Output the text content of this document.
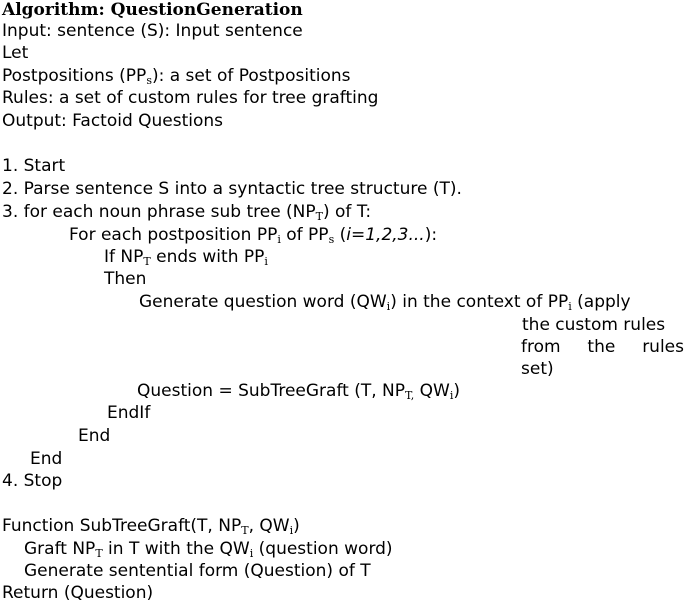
Algorithm: QuestionGeneration
Input: sentence (S): Input sentence
Let
Postpositions $(PP_s)$: a set of Postpositions
Rules: a set of custom rules for tree grafting
Output: Factoid Questions
1. Start
2. Parse sentence S into a syntactic tree structure (T).
3. for each noun phrase sub tree $(NP_T)$ of T:
For each postposition $PP_i$ of $PP_s$ (i=1,2,3...):
If $NP_T$ ends with $PP_i$
Then
Generate question word $(QW_i)$ in the context of $PP_i$ (apply
the custom rules
from the rules
set)
Question = SubTreeGraft (T, $NP_{T,}$ $QW_i$)
EndIf
End
End
4. Stop
Function SubTreeGraft(T, $NP_T$, $QW_i$)
Graft $NP_T$ in T with the $QW_i$ (question word)
Generate sentential form (Question) of T
Return (Question)
